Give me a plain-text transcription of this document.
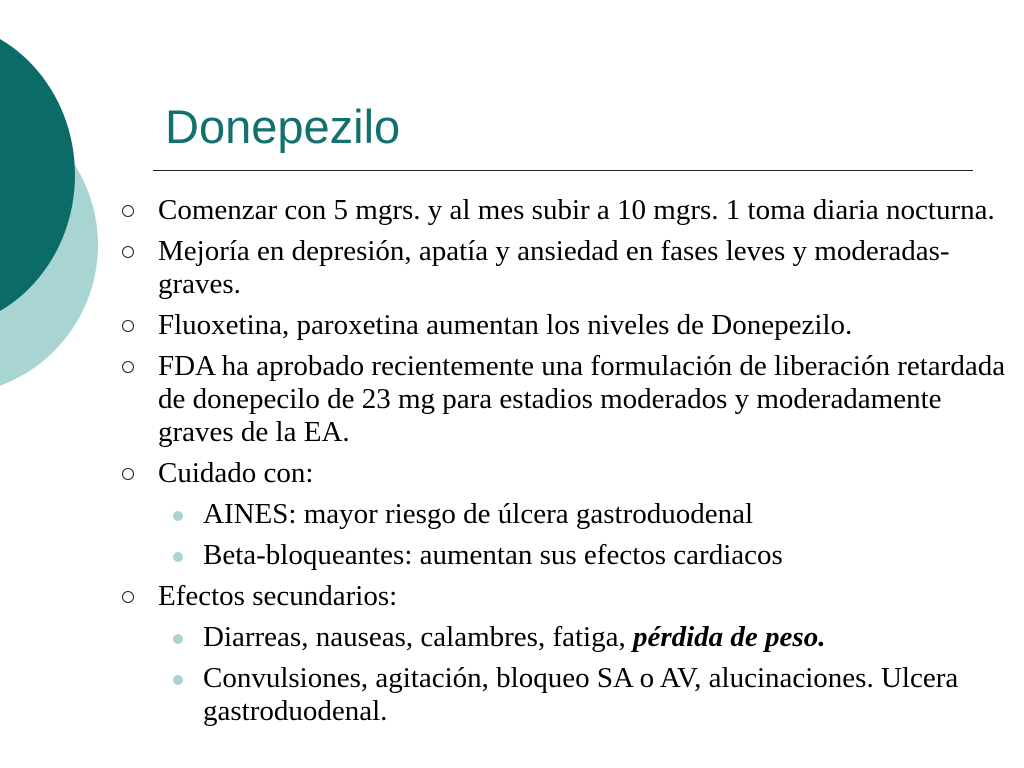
Donepezilo
Comenzar con 5 mgrs. y al mes subir a 10 mgrs. 1 toma diaria nocturna.
Mejoría en depresión, apatía y ansiedad en fases leves y moderadas-graves.
Fluoxetina, paroxetina aumentan los niveles de Donepezilo.
FDA ha aprobado recientemente una formulación de liberación retardada de donepecilo de 23 mg para estadios moderados y moderadamente graves de la EA.
Cuidado con:
AINES: mayor riesgo de úlcera gastroduodenal
Beta-bloqueantes: aumentan sus efectos cardiacos
Efectos secundarios:
Diarreas, nauseas, calambres, fatiga, pérdida de peso.
Convulsiones, agitación, bloqueo SA o AV, alucinaciones. Ulcera gastroduodenal.
